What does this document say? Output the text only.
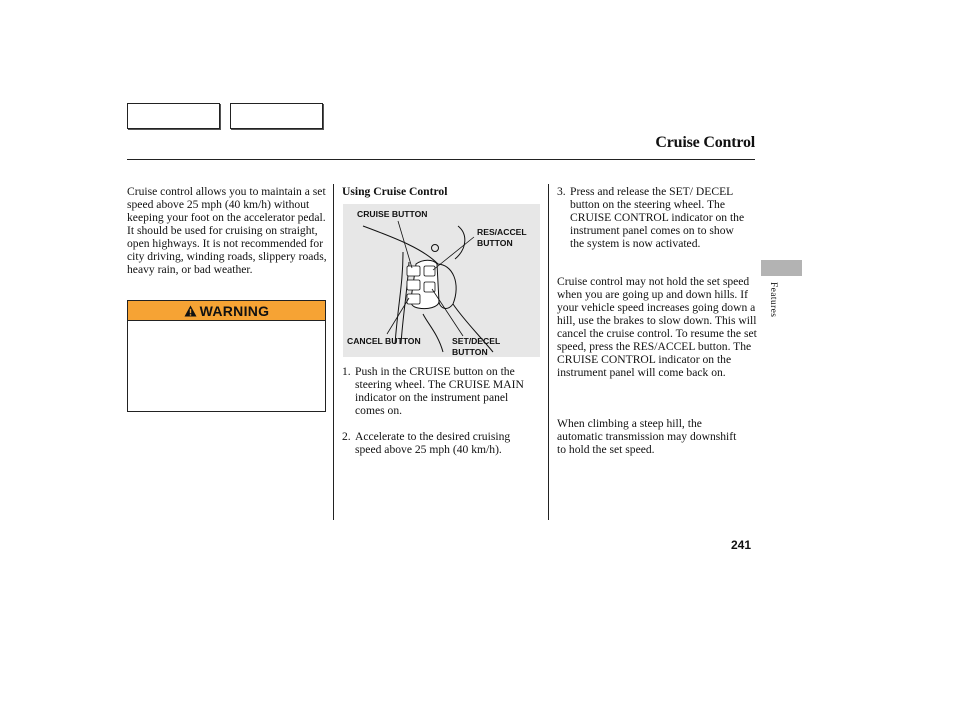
Cruise Control

Cruise control allows you to maintain a set speed above 25 mph (40 km/h) without keeping your foot on the accelerator pedal. It should be used for cruising on straight, open highways. It is not recommended for city driving, winding roads, slippery roads, heavy rain, or bad weather.

WARNING

Using Cruise Control

CRUISE BUTTON
RES/ACCEL
BUTTON
CANCEL BUTTON	SET/DECEL
BUTTON
1. Push in the CRUISE button on the steering wheel. The CRUISE MAIN indicator on the instrument panel comes on.

2. Accelerate to the desired cruising speed above 25 mph (40 km/h).

3. Press and release the SET/ DECEL button on the steering wheel. The CRUISE CONTROL indicator on the instrument panel comes on to show the system is now activated.

Cruise control may not hold the set speed when you are going up and down hills. If your vehicle speed increases going down a hill, use the brakes to slow down. This will cancel the cruise control. To resume the set speed, press the RES/ACCEL button. The CRUISE CONTROL indicator on the instrument panel will come back on.

When climbing a steep hill, the automatic transmission may downshift to hold the set speed.

Features
241
